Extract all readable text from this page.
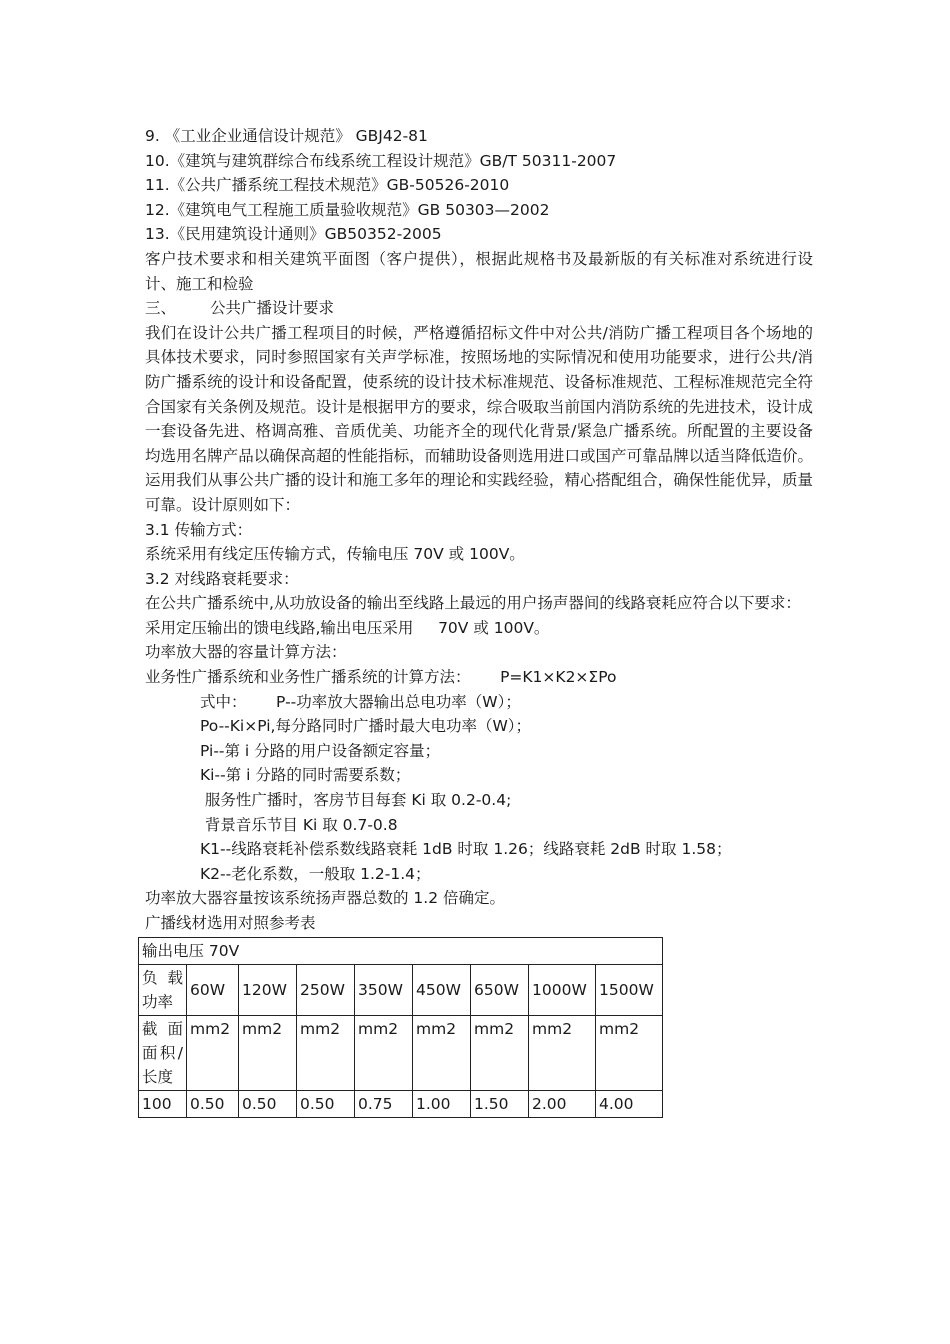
9. 《工业企业通信设计规范》 GBJ42-81
10.《建筑与建筑群综合布线系统工程设计规范》GB/T 50311-2007
11.《公共广播系统工程技术规范》GB-50526-2010
12.《建筑电气工程施工质量验收规范》GB 50303—2002
13.《民用建筑设计通则》GB50352-2005
客户技术要求和相关建筑平面图（客户提供），根据此规格书及最新版的有关标准对系统进行设计、施工和检验
三、 公共广播设计要求
我们在设计公共广播工程项目的时候，严格遵循招标文件中对公共/消防广播工程项目各个场地的具体技术要求，同时参照国家有关声学标准，按照场地的实际情况和使用功能要求，进行公共/消防广播系统的设计和设备配置，使系统的设计技术标准规范、设备标准规范、工程标准规范完全符合国家有关条例及规范。设计是根据甲方的要求，综合吸取当前国内消防系统的先进技术，设计成一套设备先进、格调高雅、音质优美、功能齐全的现代化背景/紧急广播系统。所配置的主要设备均选用名牌产品以确保高超的性能指标，而辅助设备则选用进口或国产可靠品牌以适当降低造价。运用我们从事公共广播的设计和施工多年的理论和实践经验，精心搭配组合，确保性能优异，质量可靠。设计原则如下：
3.1 传输方式：
系统采用有线定压传输方式，传输电压 70V 或 100V。
3.2 对线路衰耗要求：
在公共广播系统中,从功放设备的输出至线路上最远的用户扬声器间的线路衰耗应符合以下要求：
采用定压输出的馈电线路,输出电压采用     70V 或 100V。
功率放大器的容量计算方法：
业务性广播系统和业务性广播系统的计算方法：      P=K1×K2×ΣPo
式中：      P--功率放大器输出总电功率（W）；
Po--Ki×Pi,每分路同时广播时最大电功率（W）；
Pi--第 i 分路的用户设备额定容量；
Ki--第 i 分路的同时需要系数；
服务性广播时，客房节目每套 Ki 取 0.2-0.4;
背景音乐节目 Ki 取 0.7-0.8
K1--线路衰耗补偿系数线路衰耗 1dB 时取 1.26；线路衰耗 2dB 时取 1.58；
K2--老化系数，一般取 1.2-1.4；
功率放大器容量按该系统扬声器总数的 1.2 倍确定。
广播线材选用对照参考表
输出电压 70V								
负载功率	60W	120W	250W	350W	450W	650W	1000W	1500W
截面面积/ 长度	mm2	mm2	mm2	mm2	mm2	mm2	mm2	mm2
100	0.50	0.50	0.50	0.75	1.00	1.50	2.00	4.00
